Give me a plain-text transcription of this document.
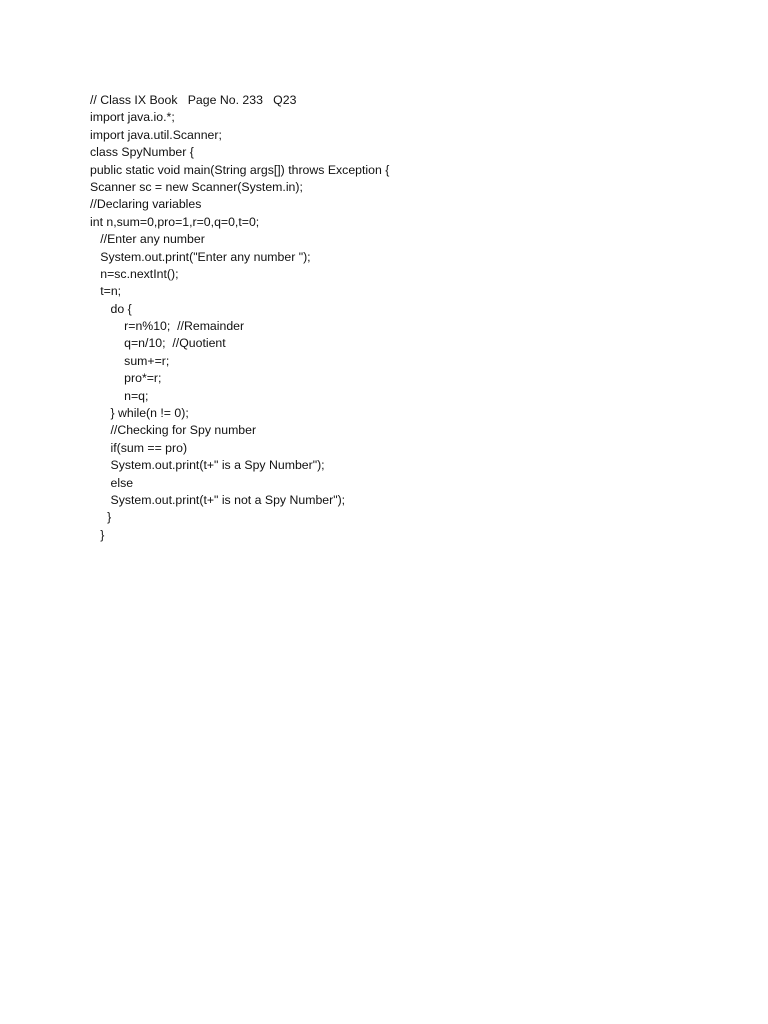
// Class IX Book   Page No. 233   Q23
import java.io.*;
import java.util.Scanner;
class SpyNumber {
public static void main(String args[]) throws Exception {
Scanner sc = new Scanner(System.in);
//Declaring variables
int n,sum=0,pro=1,r=0,q=0,t=0;
//Enter any number
System.out.print("Enter any number ");
n=sc.nextInt();
t=n;
do {
r=n%10;  //Remainder
q=n/10;  //Quotient
sum+=r;
pro*=r;
n=q;
} while(n != 0);
//Checking for Spy number
if(sum == pro)
System.out.print(t+" is a Spy Number");
else
System.out.print(t+" is not a Spy Number");
}
}
